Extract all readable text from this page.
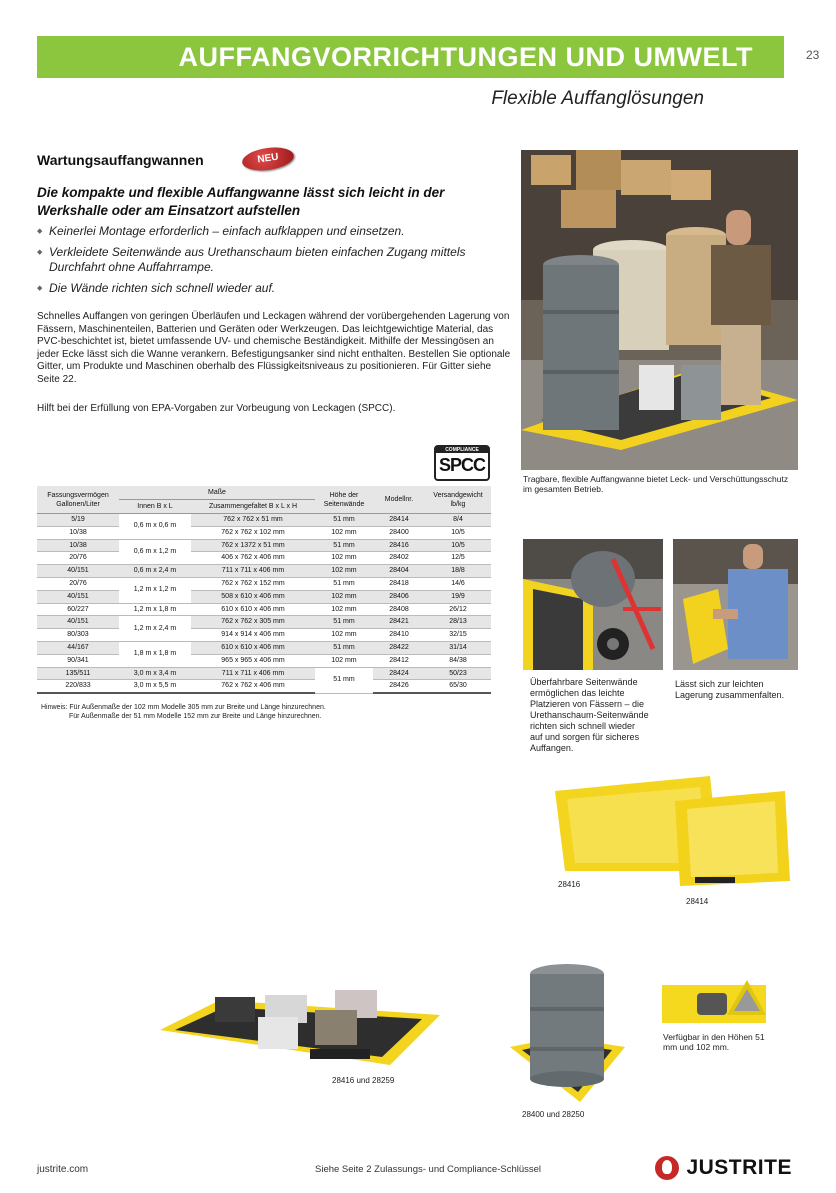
AUFFANGVORRICHTUNGEN UND UMWELT	23
Flexible Auffanglösungen
Wartungsauffangwannen	NEU
Die kompakte und flexible Auffangwanne lässt sich leicht in der Werkshalle oder am Einsatzort aufstellen
◆ Keinerlei Montage erforderlich – einfach aufklappen und einsetzen.
◆ Verkleidete Seitenwände aus Urethanschaum bieten einfachen Zugang mittels Durchfahrt ohne Auffahrrampe.
◆ Die Wände richten sich schnell wieder auf.
Schnelles Auffangen von geringen Überläufen und Leckagen während der vorübergehenden Lagerung von Fässern, Maschinenteilen, Batterien und Geräten oder Werkzeugen. Das leichtgewichtige Material, das PVC-beschichtet ist, bietet umfassende UV- und chemische Beständigkeit. Mithilfe der Messingösen an jeder Ecke lässt sich die Wanne verankern. Befestigungsanker sind nicht enthalten. Bestellen Sie optionale Gitter, um Produkte und Maschinen oberhalb des Flüssigkeitsniveaus zu positionieren. Für Gitter siehe Seite 22.
Hilft bei der Erfüllung von EPA-Vorgaben zur Vorbeugung von Leckagen (SPCC).
COMPLIANCE
SPCC
Fassungsvermögen Gallonen/Liter	Maße		Höhe der Seitenwände	Modellnr.	Versandgewicht lb/kg
	Innen B x L	Zusammengefaltet B x L x H			
5/19	0,6 m x 0,6 m	762 x 762 x 51 mm	51 mm	28414	8/4
10/38		762 x 762 x 102 mm	102 mm	28400	10/5
10/38	0,6 m x 1,2 m	762 x 1372 x 51 mm	51 mm	28416	10/5
20/76		406 x 762 x 406 mm	102 mm	28402	12/5
40/151	0,6 m x 2,4 m	711 x 711 x 406 mm	102 mm	28404	18/8
20/76	1,2 m x 1,2 m	762 x 762 x 152 mm	51 mm	28418	14/6
40/151		508 x 610 x 406 mm	102 mm	28406	19/9
60/227	1,2 m x 1,8 m	610 x 610 x 406 mm	102 mm	28408	26/12
40/151	1,2 m x 2,4 m	762 x 762 x 305 mm	51 mm	28421	28/13
80/303		914 x 914 x 406 mm	102 mm	28410	32/15
44/167	1,8 m x 1,8 m	610 x 610 x 406 mm	51 mm	28422	31/14
90/341		965 x 965 x 406 mm	102 mm	28412	84/38
135/511	3,0 m x 3,4 m	711 x 711 x 406 mm	51 mm	28424	50/23
220/833	3,0 m x 5,5 m	762 x 762 x 406 mm		28426	65/30
Hinweis: Für Außenmaße der 102 mm Modelle 305 mm zur Breite und Länge hinzurechnen.
Für Außenmaße der 51 mm Modelle 152 mm zur Breite und Länge hinzurechnen.
Tragbare, flexible Auffangwanne bietet Leck- und Verschüttungsschutz im gesamten Betrieb.
Überfahrbare Seitenwände ermöglichen das leichte Platzieren von Fässern – die Urethanschaum-Seitenwände richten sich schnell wieder auf und sorgen für sicheres Auffangen.
Lässt sich zur leichten Lagerung zusammenfalten.
28416
28414
28416 und 28259
28400 und 28250
Verfügbar in den Höhen 51 mm und 102 mm.
justrite.com	Siehe Seite 2 Zulassungs- und Compliance-Schlüssel	JUSTRITE
